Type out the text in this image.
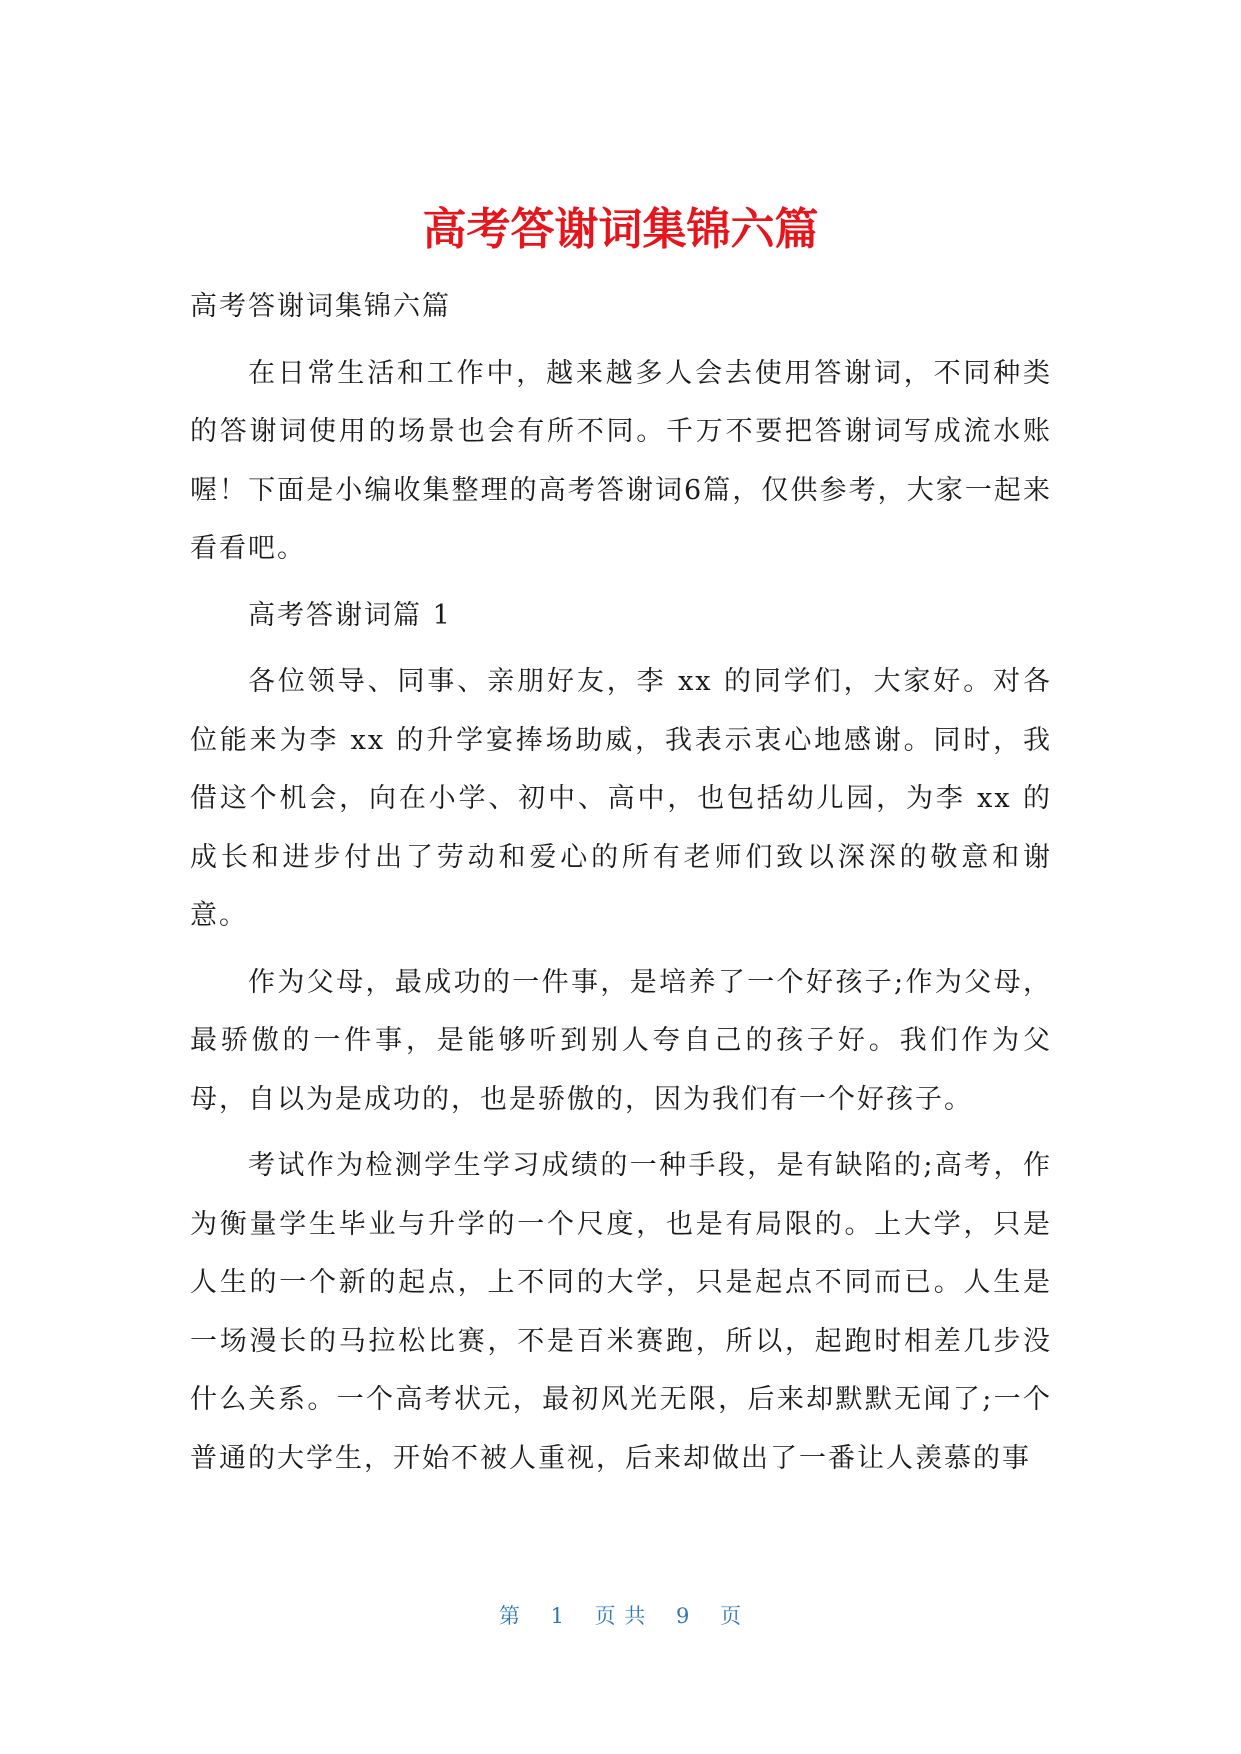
高考答谢词集锦六篇

高考答谢词集锦六篇

在日常生活和工作中，越来越多人会去使用答谢词，不同种类的答谢词使用的场景也会有所不同。千万不要把答谢词写成流水账喔！下面是小编收集整理的高考答谢词6篇，仅供参考，大家一起来看看吧。

高考答谢词篇 1

各位领导、同事、亲朋好友，李 xx 的同学们，大家好。对各位能来为李 xx 的升学宴捧场助威，我表示衷心地感谢。同时，我借这个机会，向在小学、初中、高中，也包括幼儿园，为李 xx 的成长和进步付出了劳动和爱心的所有老师们致以深深的敬意和谢意。

作为父母，最成功的一件事，是培养了一个好孩子;作为父母，最骄傲的一件事，是能够听到别人夸自己的孩子好。我们作为父母，自以为是成功的，也是骄傲的，因为我们有一个好孩子。

考试作为检测学生学习成绩的一种手段，是有缺陷的;高考，作为衡量学生毕业与升学的一个尺度，也是有局限的。上大学，只是人生的一个新的起点，上不同的大学，只是起点不同而已。人生是一场漫长的马拉松比赛，不是百米赛跑，所以，起跑时相差几步没什么关系。一个高考状元，最初风光无限，后来却默默无闻了;一个普通的大学生，开始不被人重视，后来却做出了一番让人羡慕的事

第 1 页 共 9 页
